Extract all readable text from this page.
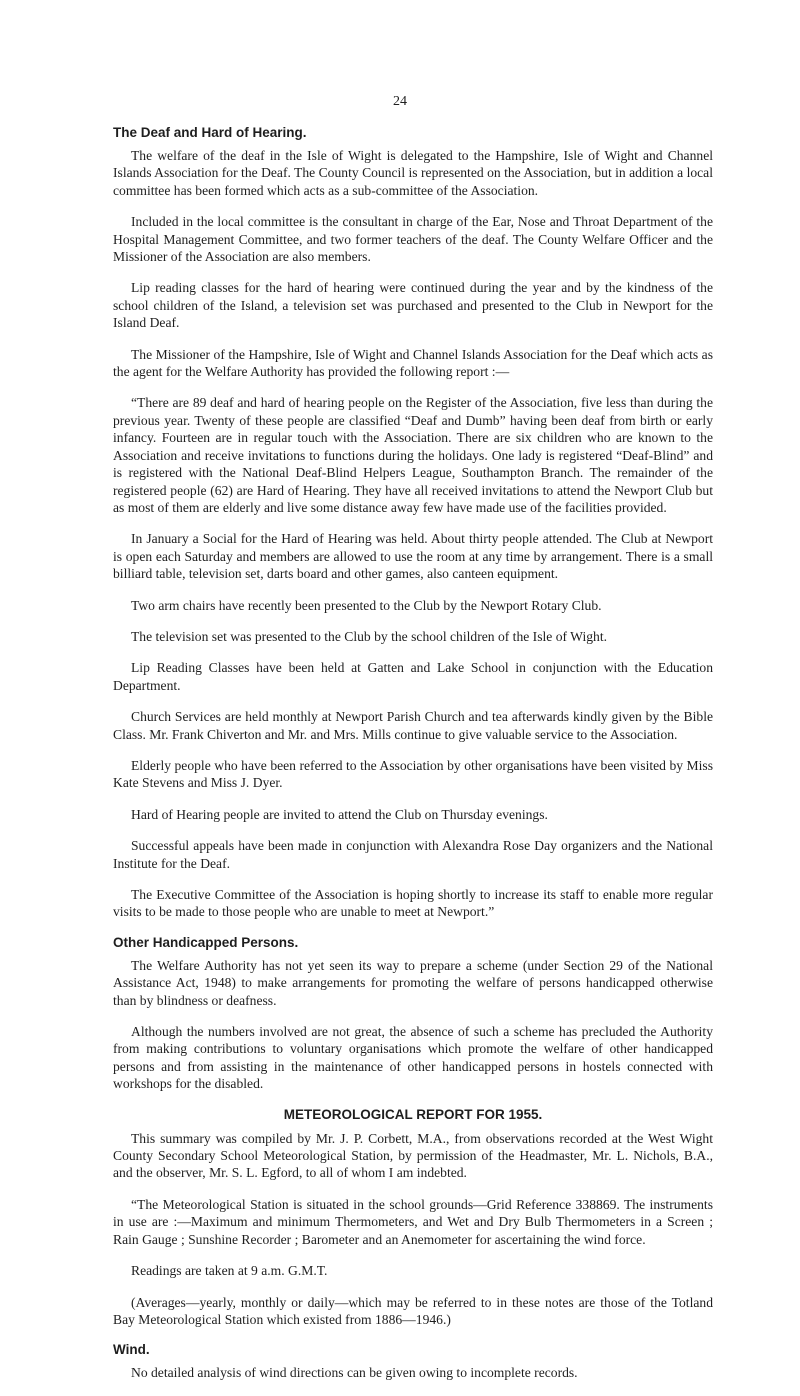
24
The Deaf and Hard of Hearing.

The welfare of the deaf in the Isle of Wight is delegated to the Hampshire, Isle of Wight and Channel Islands Association for the Deaf. The County Council is represented on the Association, but in addition a local committee has been formed which acts as a sub-committee of the Association.

Included in the local committee is the consultant in charge of the Ear, Nose and Throat Department of the Hospital Management Committee, and two former teachers of the deaf. The County Welfare Officer and the Missioner of the Association are also members.

Lip reading classes for the hard of hearing were continued during the year and by the kindness of the school children of the Island, a television set was purchased and presented to the Club in Newport for the Island Deaf.

The Missioner of the Hampshire, Isle of Wight and Channel Islands Association for the Deaf which acts as the agent for the Welfare Authority has provided the following report :—

“There are 89 deaf and hard of hearing people on the Register of the Association, five less than during the previous year. Twenty of these people are classified “Deaf and Dumb” having been deaf from birth or early infancy. Fourteen are in regular touch with the Association. There are six children who are known to the Association and receive invitations to functions during the holidays. One lady is registered “Deaf-Blind” and is registered with the National Deaf-Blind Helpers League, Southampton Branch. The remainder of the registered people (62) are Hard of Hearing. They have all received invitations to attend the Newport Club but as most of them are elderly and live some distance away few have made use of the facilities provided.

In January a Social for the Hard of Hearing was held. About thirty people attended. The Club at Newport is open each Saturday and members are allowed to use the room at any time by arrangement. There is a small billiard table, television set, darts board and other games, also canteen equipment.

Two arm chairs have recently been presented to the Club by the Newport Rotary Club.

The television set was presented to the Club by the school children of the Isle of Wight.

Lip Reading Classes have been held at Gatten and Lake School in conjunction with the Education Department.

Church Services are held monthly at Newport Parish Church and tea afterwards kindly given by the Bible Class. Mr. Frank Chiverton and Mr. and Mrs. Mills continue to give valuable service to the Association.

Elderly people who have been referred to the Association by other organisations have been visited by Miss Kate Stevens and Miss J. Dyer.

Hard of Hearing people are invited to attend the Club on Thursday evenings.

Successful appeals have been made in conjunction with Alexandra Rose Day organizers and the National Institute for the Deaf.

The Executive Committee of the Association is hoping shortly to increase its staff to enable more regular visits to be made to those people who are unable to meet at Newport.”

Other Handicapped Persons.

The Welfare Authority has not yet seen its way to prepare a scheme (under Section 29 of the National Assistance Act, 1948) to make arrangements for promoting the welfare of persons handicapped otherwise than by blindness or deafness.

Although the numbers involved are not great, the absence of such a scheme has precluded the Authority from making contributions to voluntary organisations which promote the welfare of other handicapped persons and from assisting in the maintenance of other handicapped persons in hostels connected with workshops for the disabled.

METEOROLOGICAL REPORT FOR 1955.

This summary was compiled by Mr. J. P. Corbett, M.A., from observations recorded at the West Wight County Secondary School Meteorological Station, by permission of the Headmaster, Mr. L. Nichols, B.A., and the observer, Mr. S. L. Egford, to all of whom I am indebted.

“The Meteorological Station is situated in the school grounds—Grid Reference 338869. The instruments in use are :—Maximum and minimum Thermometers, and Wet and Dry Bulb Thermometers in a Screen ; Rain Gauge ; Sunshine Recorder ; Barometer and an Anemometer for ascertaining the wind force.

Readings are taken at 9 a.m. G.M.T.

(Averages—yearly, monthly or daily—which may be referred to in these notes are those of the Totland Bay Meteorological Station which existed from 1886—1946.)

Wind.

No detailed analysis of wind directions can be given owing to incomplete records.
